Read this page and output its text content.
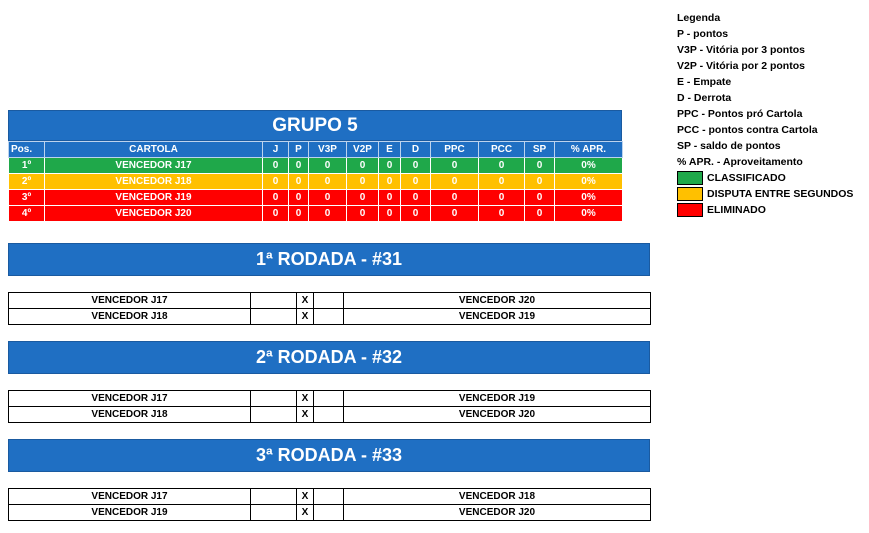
GRUPO 5
Pos.	CARTOLA	J	P	V3P	V2P	E	D	PPC	PCC	SP	% APR.
1º	VENCEDOR J17	0	0	0	0	0	0	0	0	0	0%
2º	VENCEDOR J18	0	0	0	0	0	0	0	0	0	0%
3º	VENCEDOR J19	0	0	0	0	0	0	0	0	0	0%
4º	VENCEDOR J20	0	0	0	0	0	0	0	0	0	0%
Legenda
P - pontos
V3P - Vitória por 3 pontos
V2P - Vitória por 2 pontos
E - Empate
D - Derrota
PPC - Pontos pró Cartola
PCC - pontos contra Cartola
SP - saldo de pontos
% APR. - Aproveitamento
CLASSIFICADO
DISPUTA ENTRE SEGUNDOS
ELIMINADO
1ª RODADA - #31
VENCEDOR J17		X		VENCEDOR J20
VENCEDOR J18		X		VENCEDOR J19
2ª RODADA - #32
VENCEDOR J17		X		VENCEDOR J19
VENCEDOR J18		X		VENCEDOR J20
3ª RODADA - #33
VENCEDOR J17		X		VENCEDOR J18
VENCEDOR J19		X		VENCEDOR J20
